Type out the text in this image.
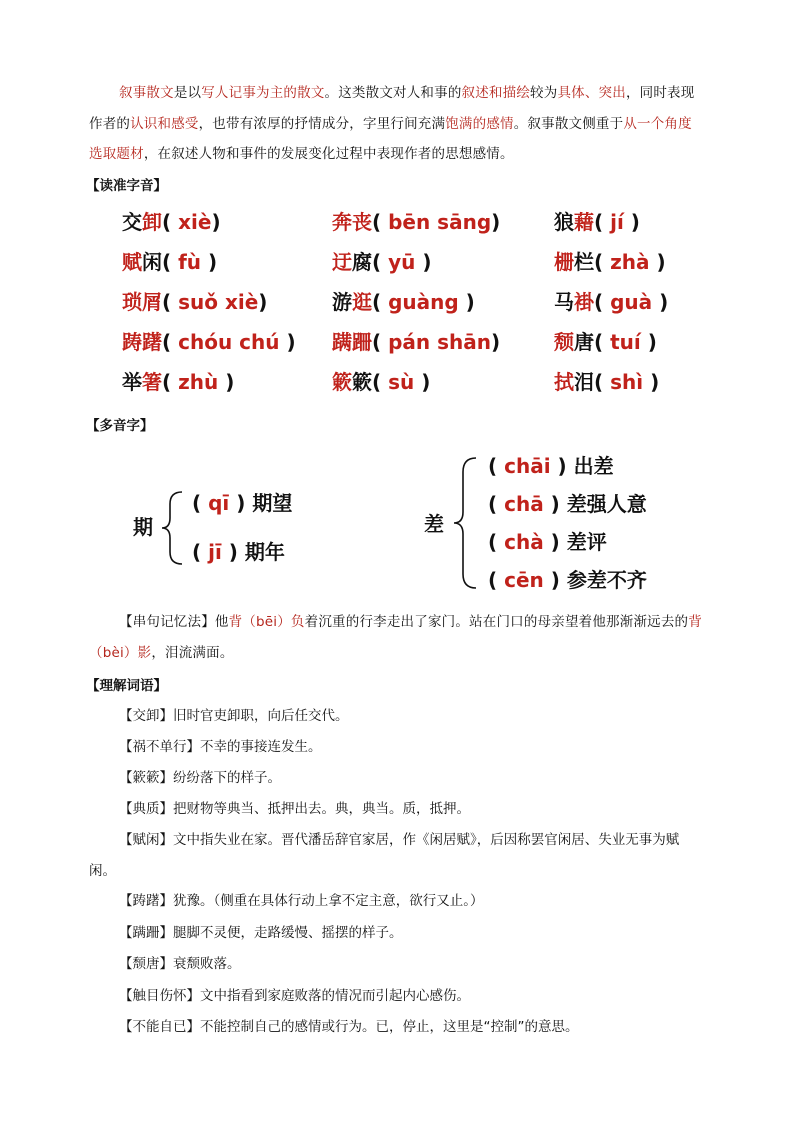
叙事散文是以写人记事为主的散文。这类散文对人和事的叙述和描绘较为具体、突出，同时表现作者的认识和感受，也带有浓厚的抒情成分，字里行间充满饱满的感情。叙事散文侧重于从一个角度选取题材，在叙述人物和事件的发展变化过程中表现作者的思想感情。
【读准字音】
交卸( xiè)	奔丧( bēn sāng)	狼藉( jí )
赋闲( fù )	迂腐( yū )	栅栏( zhà )
琐屑( suǒ xiè)	游逛( guàng )	马褂( guà )
踌躇( chóu chú ) 蹒跚( pán shān)	颓唐( tuí )
举箸( zhù )	簌簌( sù )	拭泪( shì )
【多音字】
期
( qī ) 期望
( jī ) 期年
差
( chāi ) 出差
( chā ) 差强人意
( chà ) 差评
( cēn ) 参差不齐
【串句记忆法】他背（bēi）负着沉重的行李走出了家门。站在门口的母亲望着他那渐渐远去的背（bèi）影，泪流满面。
【理解词语】
【交卸】旧时官吏卸职，向后任交代。
【祸不单行】不幸的事接连发生。
【簌簌】纷纷落下的样子。
【典质】把财物等典当、抵押出去。典，典当。质，抵押。
【赋闲】文中指失业在家。晋代潘岳辞官家居，作《闲居赋》，后因称罢官闲居、失业无事为赋闲。
【踌躇】犹豫。（侧重在具体行动上拿不定主意，欲行又止。）
【蹒跚】腿脚不灵便，走路缓慢、摇摆的样子。
【颓唐】衰颓败落。
【触目伤怀】文中指看到家庭败落的情况而引起内心感伤。
【不能自已】不能控制自己的感情或行为。已，停止，这里是“控制”的意思。
